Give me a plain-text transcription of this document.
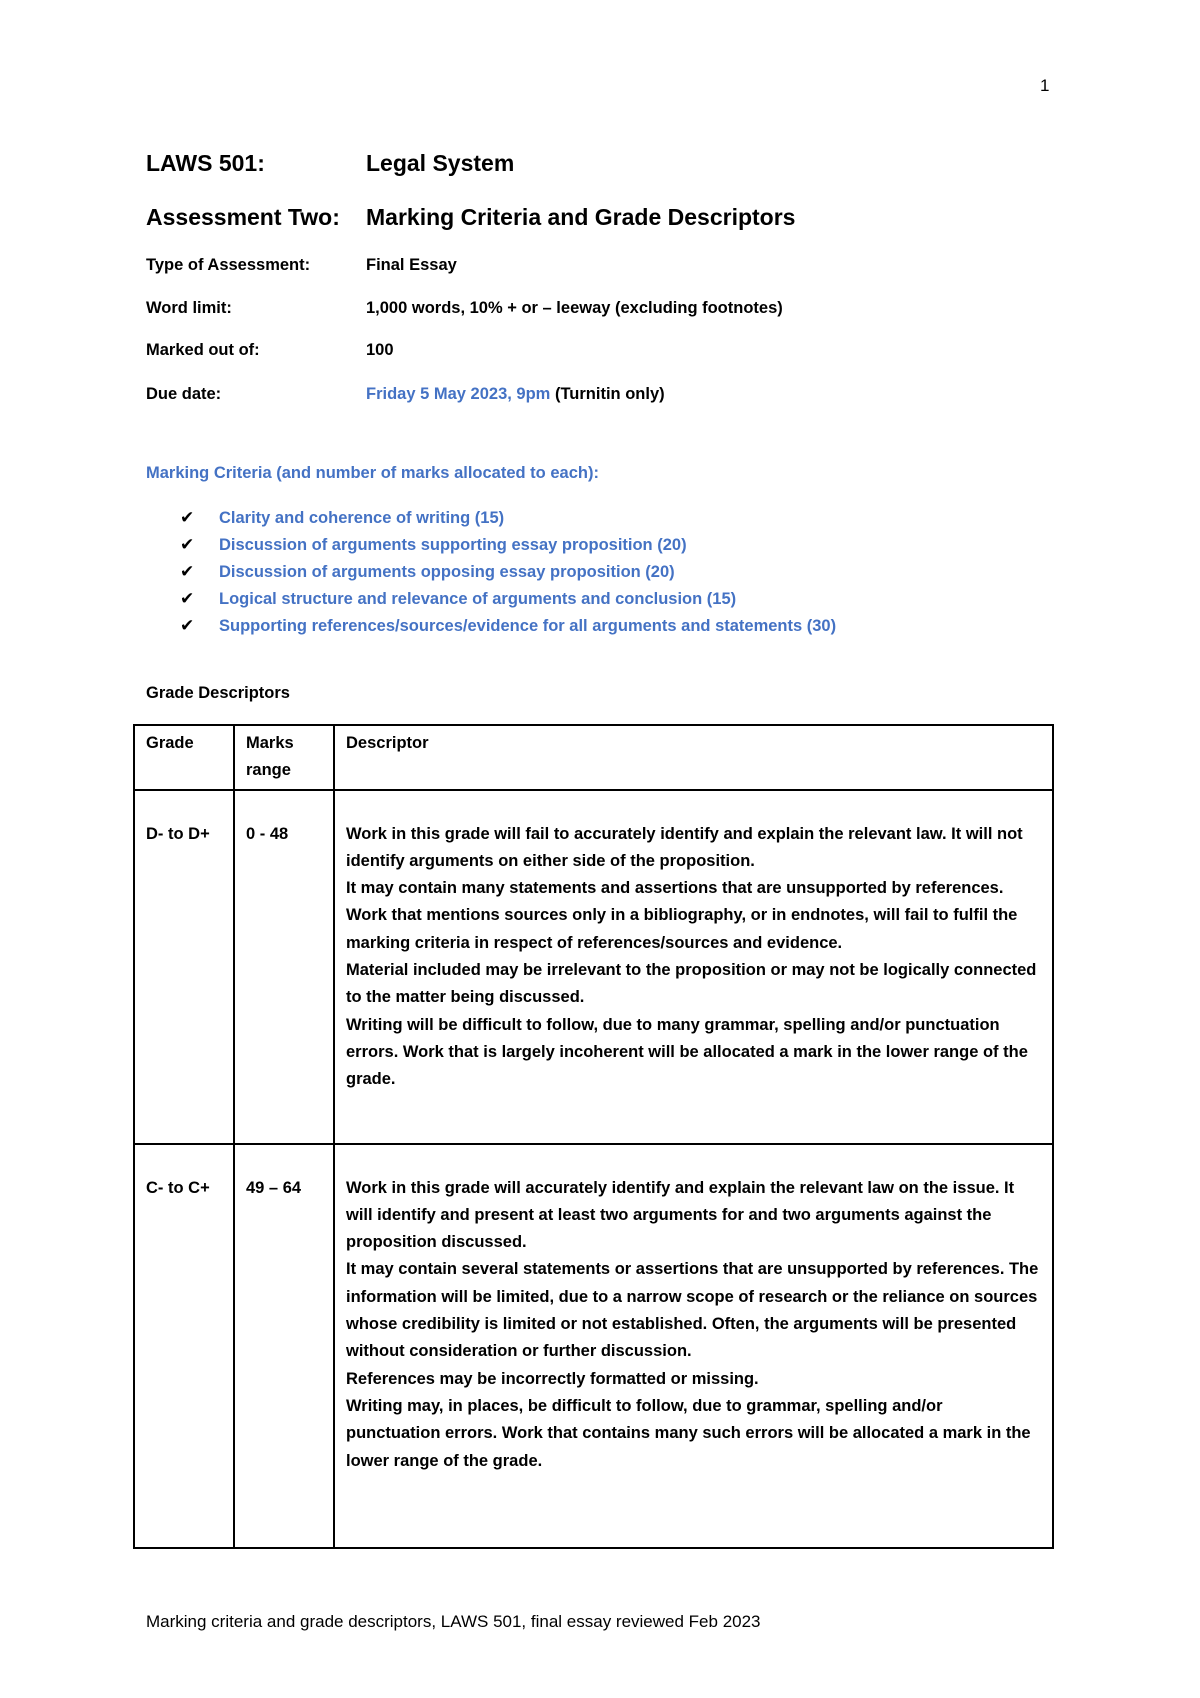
1
LAWS 501:	Legal System
Assessment Two: Marking Criteria and Grade Descriptors
Type of Assessment:	Final Essay
Word limit:	1,000 words, 10% + or – leeway (excluding footnotes)
Marked out of:	100
Due date:	Friday 5 May 2023, 9pm (Turnitin only)
Marking Criteria (and number of marks allocated to each):
✔ Clarity and coherence of writing (15)
✔ Discussion of arguments supporting essay proposition (20)
✔ Discussion of arguments opposing essay proposition (20)
✔ Logical structure and relevance of arguments and conclusion (15)
✔ Supporting references/sources/evidence for all arguments and statements (30)
Grade Descriptors
Grade	Marks range	Descriptor
D- to D+	0 - 48	Work in this grade will fail to accurately identify and explain the relevant law. It will not identify arguments on either side of the proposition.
It may contain many statements and assertions that are unsupported by references. Work that mentions sources only in a bibliography, or in endnotes, will fail to fulfil the marking criteria in respect of references/sources and evidence.
Material included may be irrelevant to the proposition or may not be logically connected to the matter being discussed.
Writing will be difficult to follow, due to many grammar, spelling and/or punctuation errors. Work that is largely incoherent will be allocated a mark in the lower range of the grade.

C- to C+	49 – 64	Work in this grade will accurately identify and explain the relevant law on the issue. It will identify and present at least two arguments for and two arguments against the proposition discussed.
It may contain several statements or assertions that are unsupported by references. The information will be limited, due to a narrow scope of research or the reliance on sources whose credibility is limited or not established. Often, the arguments will be presented without consideration or further discussion.
References may be incorrectly formatted or missing.
Writing may, in places, be difficult to follow, due to grammar, spelling and/or punctuation errors. Work that contains many such errors will be allocated a mark in the lower range of the grade.
Marking criteria and grade descriptors, LAWS 501, final essay reviewed Feb 2023
